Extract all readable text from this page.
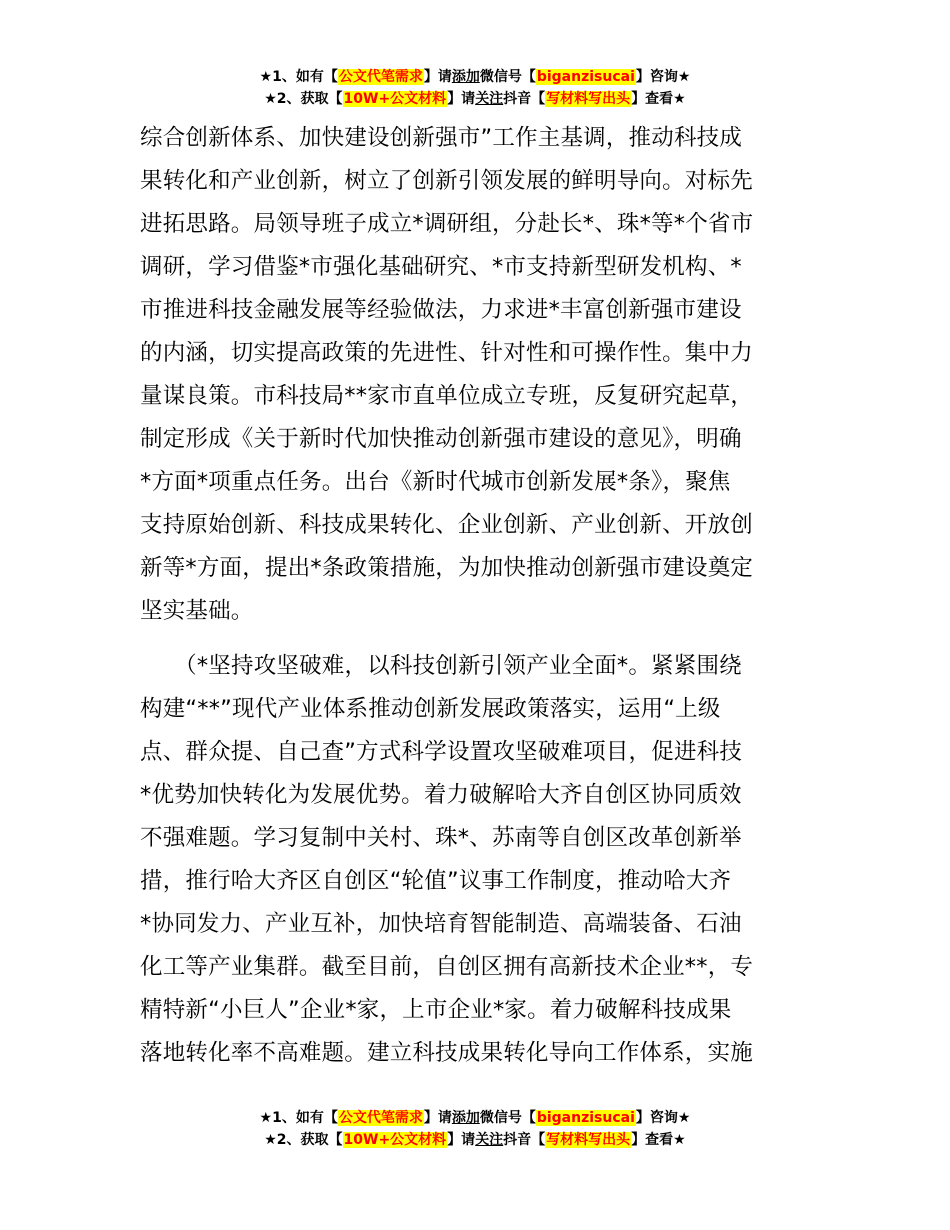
★1、如有【公文代笔需求】请添加微信号【biganzisucai】咨询★
★2、获取【10W+公文材料】请关注抖音【写材料写出头】查看★
综合创新体系、加快建设创新强市”工作主基调，推动科技成
果转化和产业创新，树立了创新引领发展的鲜明导向。对标先
进拓思路。局领导班子成立*调研组，分赴长*、珠*等*个省市
调研，学习借鉴*市强化基础研究、*市支持新型研发机构、*
市推进科技金融发展等经验做法，力求进*丰富创新强市建设
的内涵，切实提高政策的先进性、针对性和可操作性。集中力
量谋良策。市科技局**家市直单位成立专班，反复研究起草，
制定形成《关于新时代加快推动创新强市建设的意见》，明确
*方面*项重点任务。出台《新时代城市创新发展*条》，聚焦
支持原始创新、科技成果转化、企业创新、产业创新、开放创
新等*方面，提出*条政策措施，为加快推动创新强市建设奠定
坚实基础。
　　（*坚持攻坚破难，以科技创新引领产业全面*。紧紧围绕
构建“**”现代产业体系推动创新发展政策落实，运用“上级
点、群众提、自己查”方式科学设置攻坚破难项目，促进科技
*优势加快转化为发展优势。着力破解哈大齐自创区协同质效
不强难题。学习复制中关村、珠*、苏南等自创区改革创新举
措，推行哈大齐区自创区“轮值”议事工作制度，推动哈大齐
*协同发力、产业互补，加快培育智能制造、高端装备、石油
化工等产业集群。截至目前，自创区拥有高新技术企业**，专
精特新“小巨人”企业*家，上市企业*家。着力破解科技成果
落地转化率不高难题。建立科技成果转化导向工作体系，实施
★1、如有【公文代笔需求】请添加微信号【biganzisucai】咨询★
★2、获取【10W+公文材料】请关注抖音【写材料写出头】查看★
